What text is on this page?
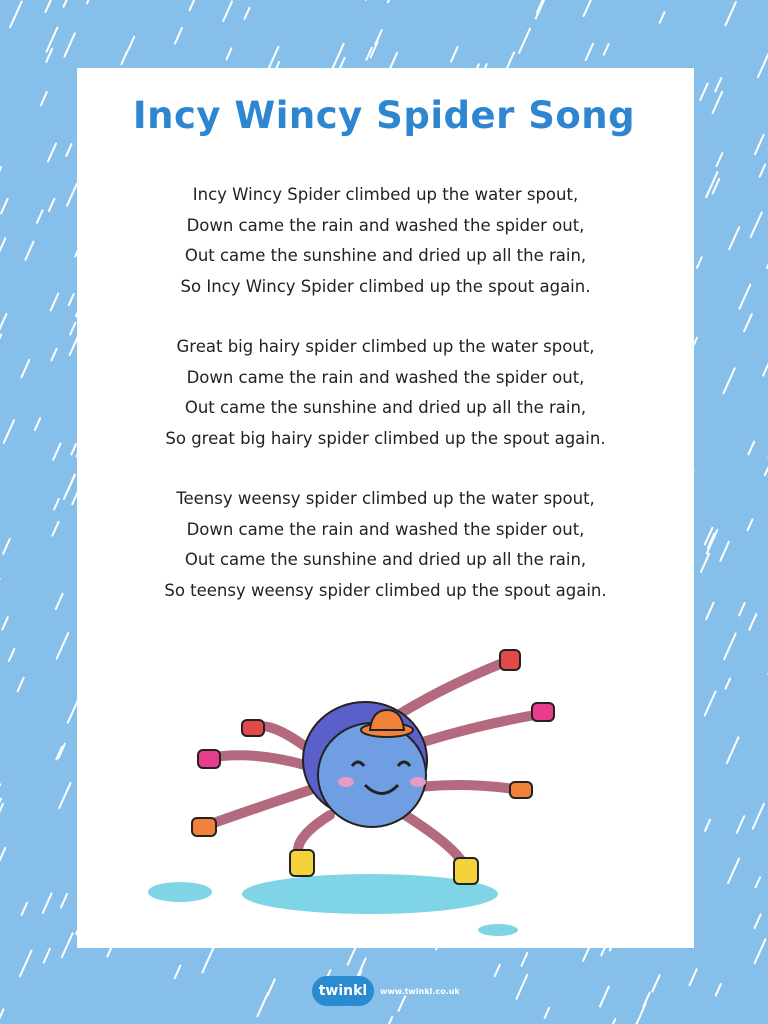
Incy Wincy Spider Song
Incy Wincy Spider climbed up the water spout,
Down came the rain and washed the spider out,
Out came the sunshine and dried up all the rain,
So Incy Wincy Spider climbed up the spout again.
Great big hairy spider climbed up the water spout,
Down came the rain and washed the spider out,
Out came the sunshine and dried up all the rain,
So great big hairy spider climbed up the spout again.
Teensy weensy spider climbed up the water spout,
Down came the rain and washed the spider out,
Out came the sunshine and dried up all the rain,
So teensy weensy spider climbed up the spout again.
twinkl	www.twinkl.co.uk
